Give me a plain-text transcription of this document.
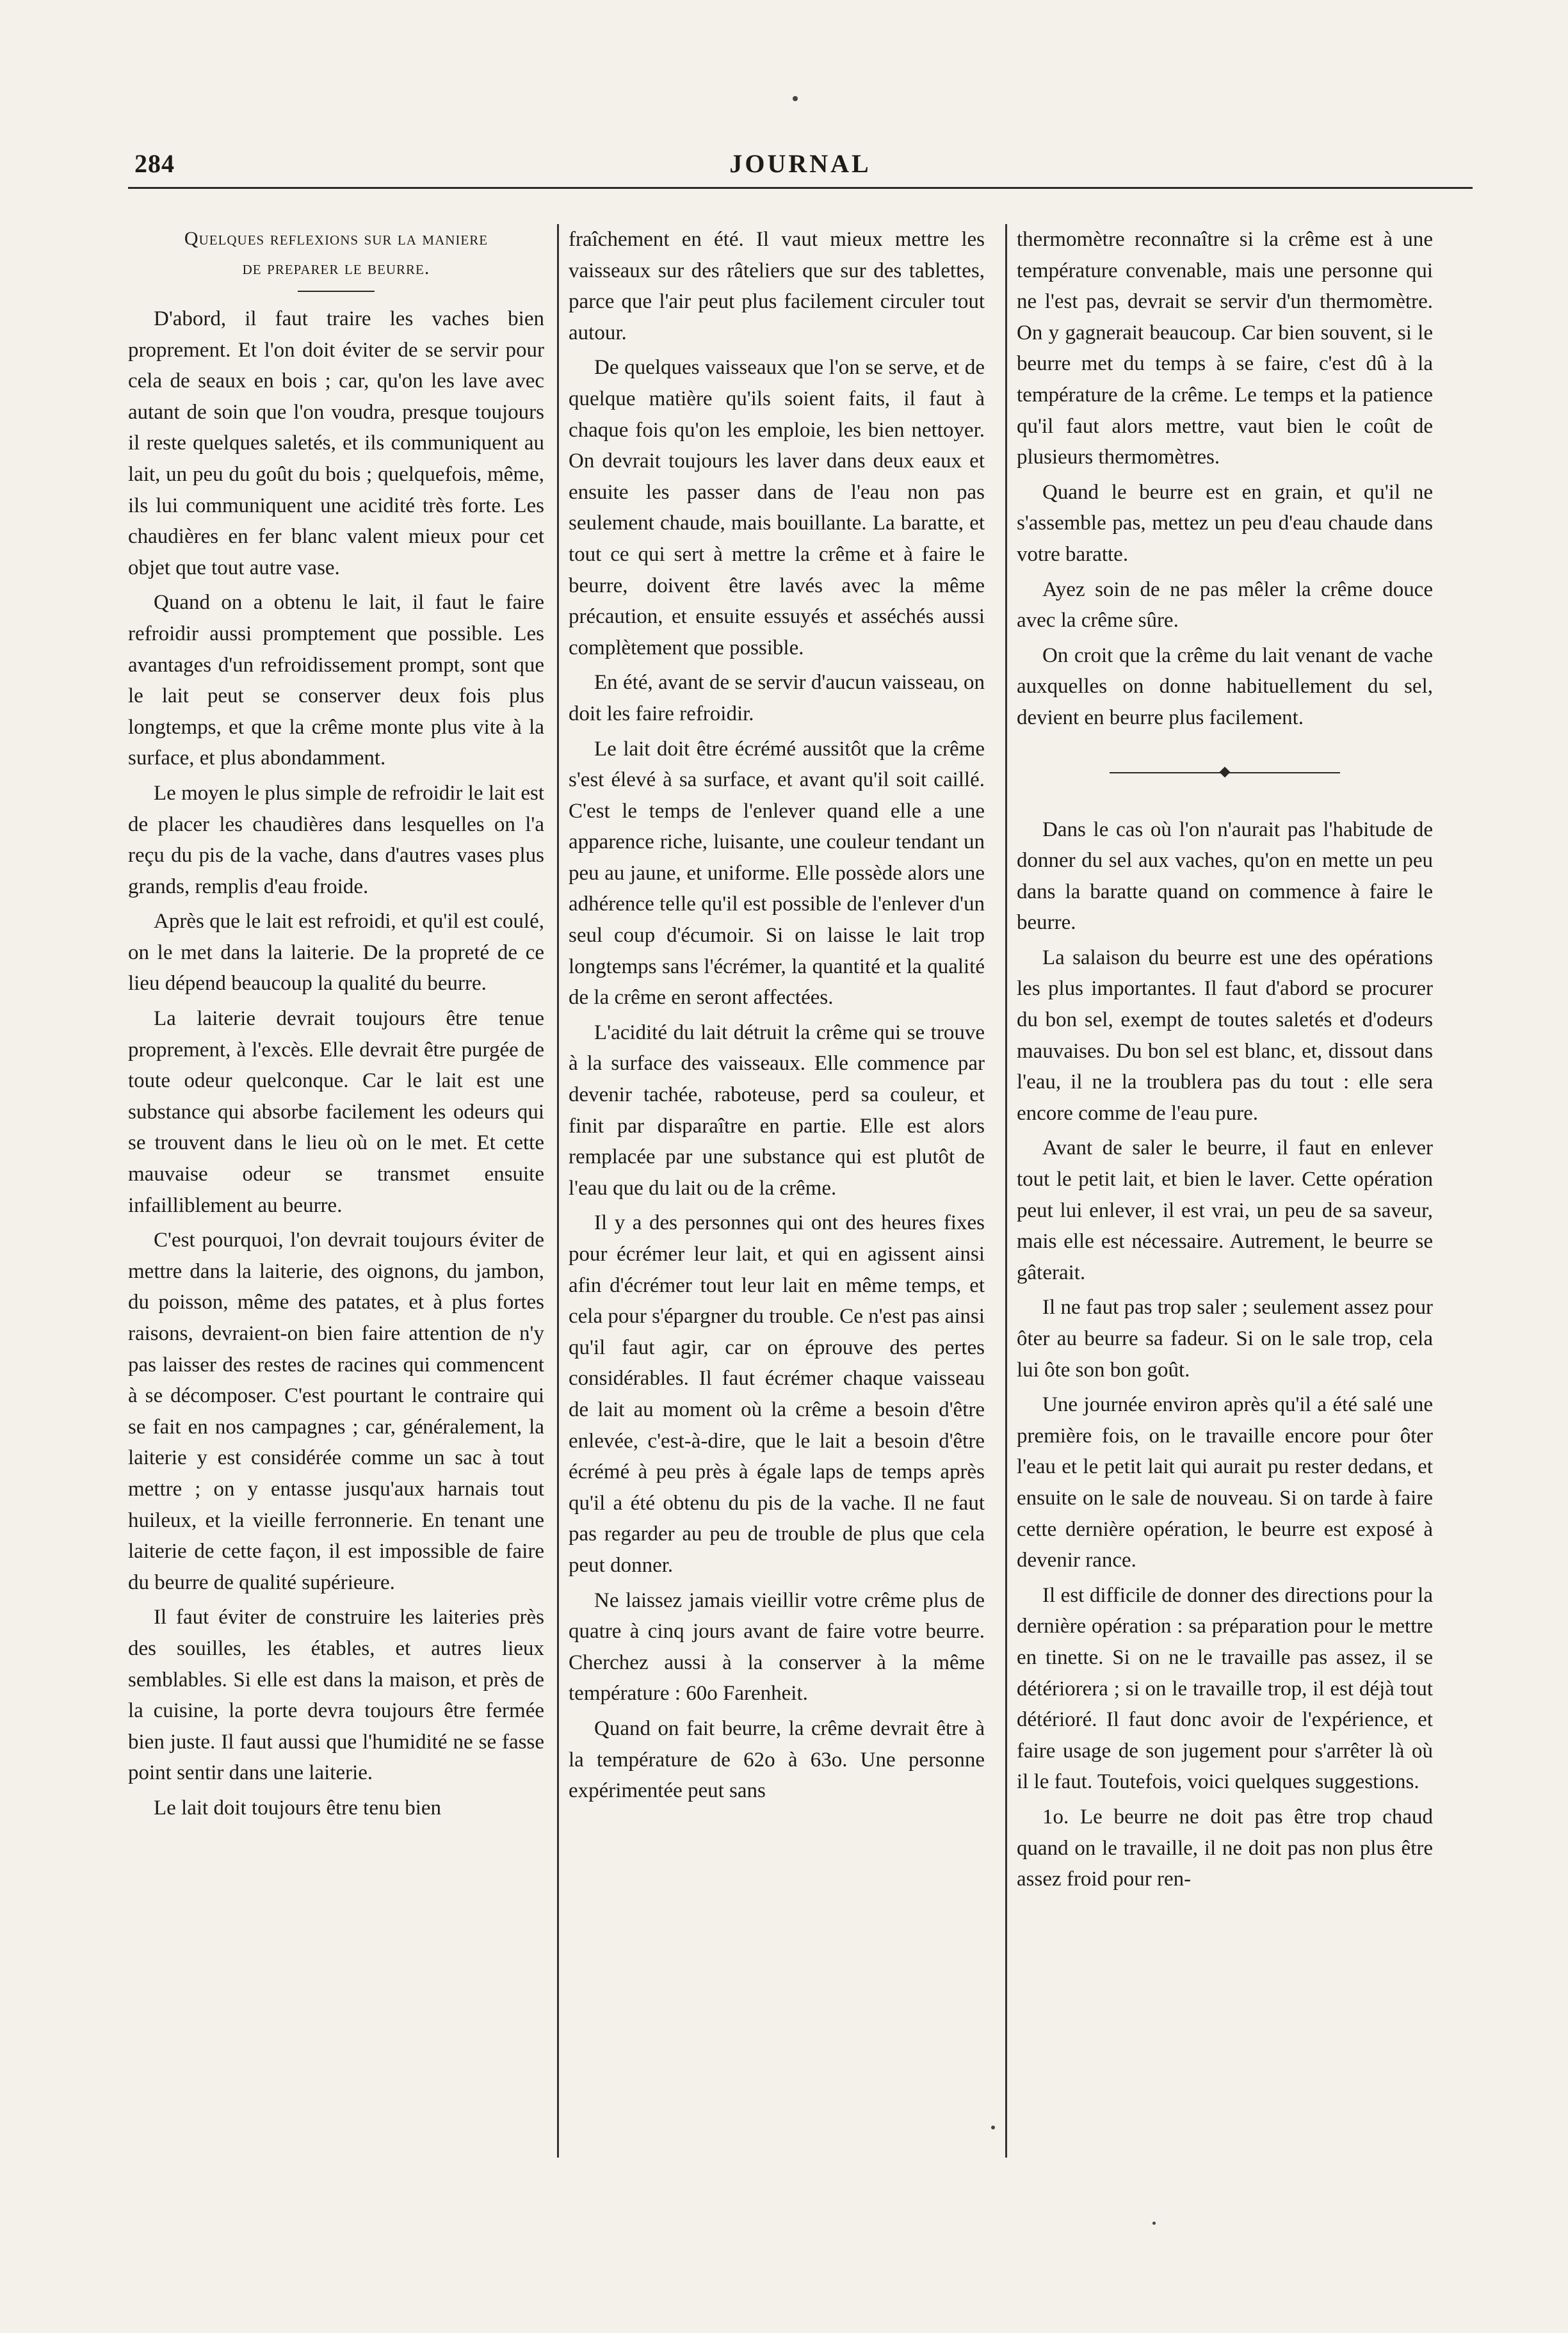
284	JOURNAL
Quelques reflexions sur la maniere
de preparer le beurre.

D'abord, il faut traire les vaches bien proprement. Et l'on doit éviter de se servir pour cela de seaux en bois ; car, qu'on les lave avec autant de soin que l'on voudra, presque toujours il reste quelques saletés, et ils communiquent au lait, un peu du goût du bois ; quelquefois, même, ils lui communiquent une acidité très forte. Les chaudières en fer blanc valent mieux pour cet objet que tout autre vase.

Quand on a obtenu le lait, il faut le faire refroidir aussi promptement que possible. Les avantages d'un refroidissement prompt, sont que le lait peut se conserver deux fois plus longtemps, et que la crême monte plus vite à la surface, et plus abondamment.

Le moyen le plus simple de refroidir le lait est de placer les chaudières dans lesquelles on l'a reçu du pis de la vache, dans d'autres vases plus grands, remplis d'eau froide.

Après que le lait est refroidi, et qu'il est coulé, on le met dans la laiterie. De la propreté de ce lieu dépend beaucoup la qualité du beurre.

La laiterie devrait toujours être tenue proprement, à l'excès. Elle devrait être purgée de toute odeur quelconque. Car le lait est une substance qui absorbe facilement les odeurs qui se trouvent dans le lieu où on le met. Et cette mauvaise odeur se transmet ensuite infailliblement au beurre.

C'est pourquoi, l'on devrait toujours éviter de mettre dans la laiterie, des oignons, du jambon, du poisson, même des patates, et à plus fortes raisons, devraient-on bien faire attention de n'y pas laisser des restes de racines qui commencent à se décomposer. C'est pourtant le contraire qui se fait en nos campagnes ; car, généralement, la laiterie y est considérée comme un sac à tout mettre ; on y entasse jusqu'aux harnais tout huileux, et la vieille ferronnerie. En tenant une laiterie de cette façon, il est impossible de faire du beurre de qualité supérieure.

Il faut éviter de construire les laiteries près des souilles, les étables, et autres lieux semblables. Si elle est dans la maison, et près de la cuisine, la porte devra toujours être fermée bien juste. Il faut aussi que l'humidité ne se fasse point sentir dans une laiterie.

Le lait doit toujours être tenu bien

fraîchement en été. Il vaut mieux mettre les vaisseaux sur des râteliers que sur des tablettes, parce que l'air peut plus facilement circuler tout autour.

De quelques vaisseaux que l'on se serve, et de quelque matière qu'ils soient faits, il faut à chaque fois qu'on les emploie, les bien nettoyer. On devrait toujours les laver dans deux eaux et ensuite les passer dans de l'eau non pas seulement chaude, mais bouillante. La baratte, et tout ce qui sert à mettre la crême et à faire le beurre, doivent être lavés avec la même précaution, et ensuite essuyés et asséchés aussi complètement que possible.

En été, avant de se servir d'aucun vaisseau, on doit les faire refroidir.

Le lait doit être écrémé aussitôt que la crême s'est élevé à sa surface, et avant qu'il soit caillé. C'est le temps de l'enlever quand elle a une apparence riche, luisante, une couleur tendant un peu au jaune, et uniforme. Elle possède alors une adhérence telle qu'il est possible de l'enlever d'un seul coup d'écumoir. Si on laisse le lait trop longtemps sans l'écrémer, la quantité et la qualité de la crême en seront affectées.

L'acidité du lait détruit la crême qui se trouve à la surface des vaisseaux. Elle commence par devenir tachée, raboteuse, perd sa couleur, et finit par disparaître en partie. Elle est alors remplacée par une substance qui est plutôt de l'eau que du lait ou de la crême.

Il y a des personnes qui ont des heures fixes pour écrémer leur lait, et qui en agissent ainsi afin d'écrémer tout leur lait en même temps, et cela pour s'épargner du trouble. Ce n'est pas ainsi qu'il faut agir, car on éprouve des pertes considérables. Il faut écrémer chaque vaisseau de lait au moment où la crême a besoin d'être enlevée, c'est-à-dire, que le lait a besoin d'être écrémé à peu près à égale laps de temps après qu'il a été obtenu du pis de la vache. Il ne faut pas regarder au peu de trouble de plus que cela peut donner.

Ne laissez jamais vieillir votre crême plus de quatre à cinq jours avant de faire votre beurre. Cherchez aussi à la conserver à la même température : 60o Farenheit.

Quand on fait beurre, la crême devrait être à la température de 62o à 63o. Une personne expérimentée peut sans

thermomètre reconnaître si la crême est à une température convenable, mais une personne qui ne l'est pas, devrait se servir d'un thermomètre. On y gagnerait beaucoup. Car bien souvent, si le beurre met du temps à se faire, c'est dû à la température de la crême. Le temps et la patience qu'il faut alors mettre, vaut bien le coût de plusieurs thermomètres.

Quand le beurre est en grain, et qu'il ne s'assemble pas, mettez un peu d'eau chaude dans votre baratte.

Ayez soin de ne pas mêler la crême douce avec la crême sûre.

On croit que la crême du lait venant de vache auxquelles on donne habituellement du sel, devient en beurre plus facilement.

Dans le cas où l'on n'aurait pas l'habitude de donner du sel aux vaches, qu'on en mette un peu dans la baratte quand on commence à faire le beurre.

La salaison du beurre est une des opérations les plus importantes. Il faut d'abord se procurer du bon sel, exempt de toutes saletés et d'odeurs mauvaises. Du bon sel est blanc, et, dissout dans l'eau, il ne la troublera pas du tout : elle sera encore comme de l'eau pure.

Avant de saler le beurre, il faut en enlever tout le petit lait, et bien le laver. Cette opération peut lui enlever, il est vrai, un peu de sa saveur, mais elle est nécessaire. Autrement, le beurre se gâterait.

Il ne faut pas trop saler ; seulement assez pour ôter au beurre sa fadeur. Si on le sale trop, cela lui ôte son bon goût.

Une journée environ après qu'il a été salé une première fois, on le travaille encore pour ôter l'eau et le petit lait qui aurait pu rester dedans, et ensuite on le sale de nouveau. Si on tarde à faire cette dernière opération, le beurre est exposé à devenir rance.

Il est difficile de donner des directions pour la dernière opération : sa préparation pour le mettre en tinette. Si on ne le travaille pas assez, il se détériorera ; si on le travaille trop, il est déjà tout détérioré. Il faut donc avoir de l'expérience, et faire usage de son jugement pour s'arrêter là où il le faut. Toutefois, voici quelques suggestions.

1o. Le beurre ne doit pas être trop chaud quand on le travaille, il ne doit pas non plus être assez froid pour ren-
